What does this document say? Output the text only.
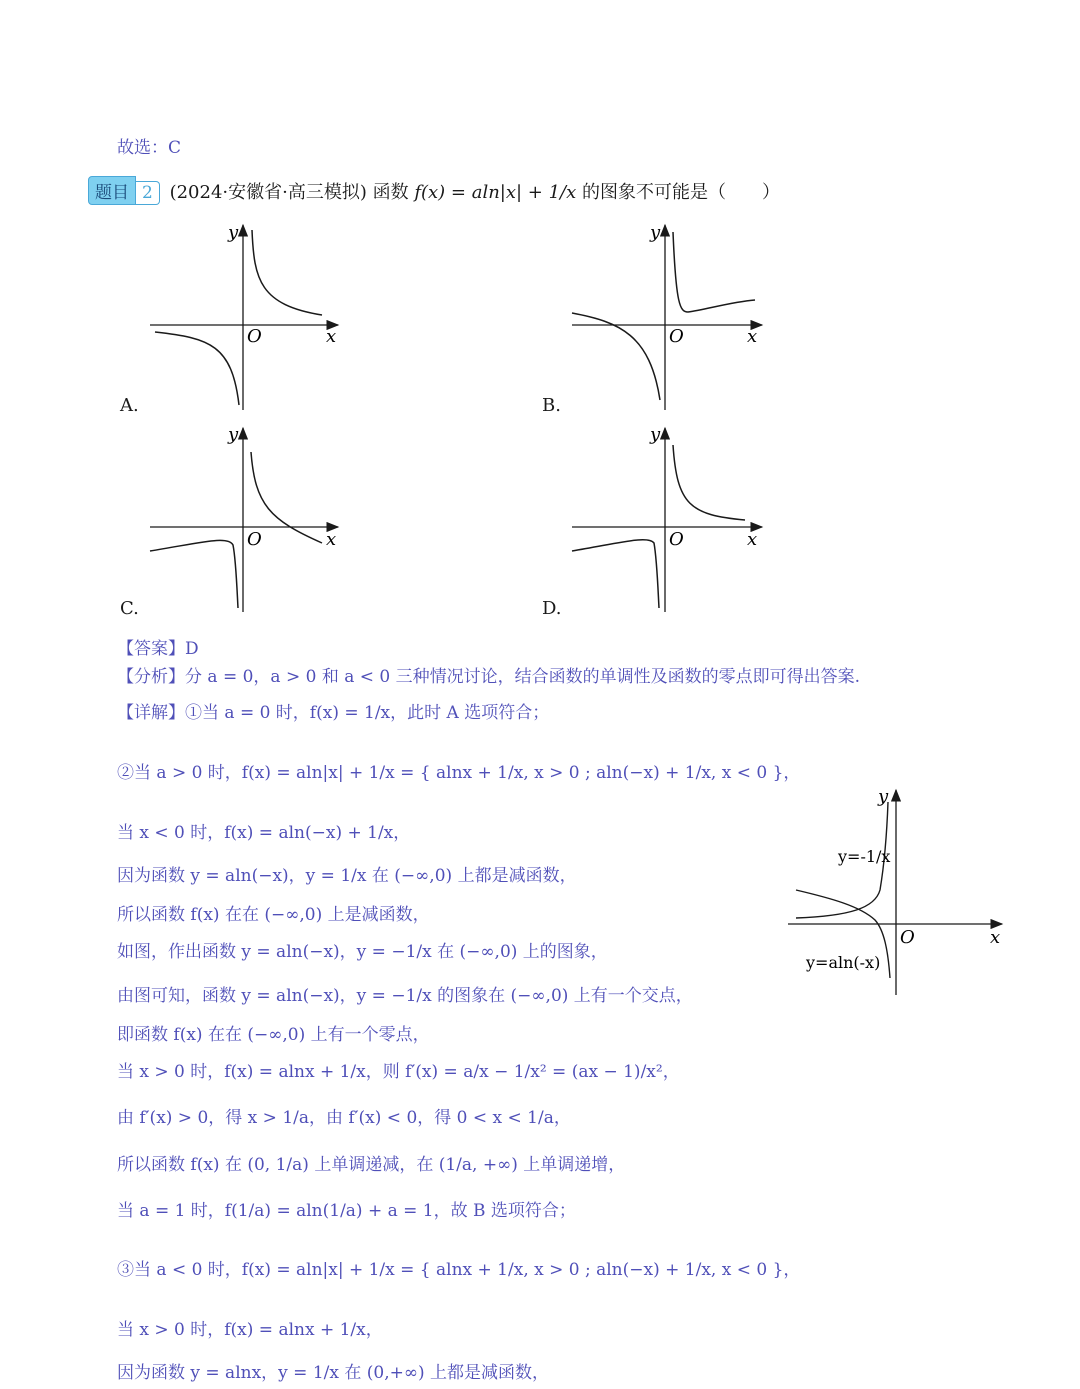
故选：C
题目 2 (2024·安徽省·高三模拟) 函数 f(x) = aln|x| + 1/x 的图象不可能是（　　）
y
x
O
y
x
O
y
x
O
y
x
O
A.	B.
C.	D.
【答案】D
【分析】分 a = 0，a > 0 和 a < 0 三种情况讨论，结合函数的单调性及函数的零点即可得出答案.
【详解】①当 a = 0 时，f(x) = 1/x，此时 A 选项符合；
②当 a > 0 时，f(x) = aln|x| + 1/x = { alnx + 1/x, x > 0 ; aln(−x) + 1/x, x < 0 }，
当 x < 0 时，f(x) = aln(−x) + 1/x，
因为函数 y = aln(−x)，y = 1/x 在 (−∞,0) 上都是减函数，
所以函数 f(x) 在在 (−∞,0) 上是减函数，
如图，作出函数 y = aln(−x)，y = −1/x 在 (−∞,0) 上的图象，
由图可知，函数 y = aln(−x)，y = −1/x 的图象在 (−∞,0) 上有一个交点，
即函数 f(x) 在在 (−∞,0) 上有一个零点，
当 x > 0 时，f(x) = alnx + 1/x，则 f′(x) = a/x − 1/x² = (ax − 1)/x²，
由 f′(x) > 0，得 x > 1/a，由 f′(x) < 0，得 0 < x < 1/a，
所以函数 f(x) 在 (0, 1/a) 上单调递减，在 (1/a, +∞) 上单调递增，
当 a = 1 时，f(1/a) = aln(1/a) + a = 1，故 B 选项符合；
③当 a < 0 时，f(x) = aln|x| + 1/x = { alnx + 1/x, x > 0 ; aln(−x) + 1/x, x < 0 }，
当 x > 0 时，f(x) = alnx + 1/x，
因为函数 y = alnx，y = 1/x 在 (0,+∞) 上都是减函数，
y
x
O
y=-1/x
y=aln(-x)
